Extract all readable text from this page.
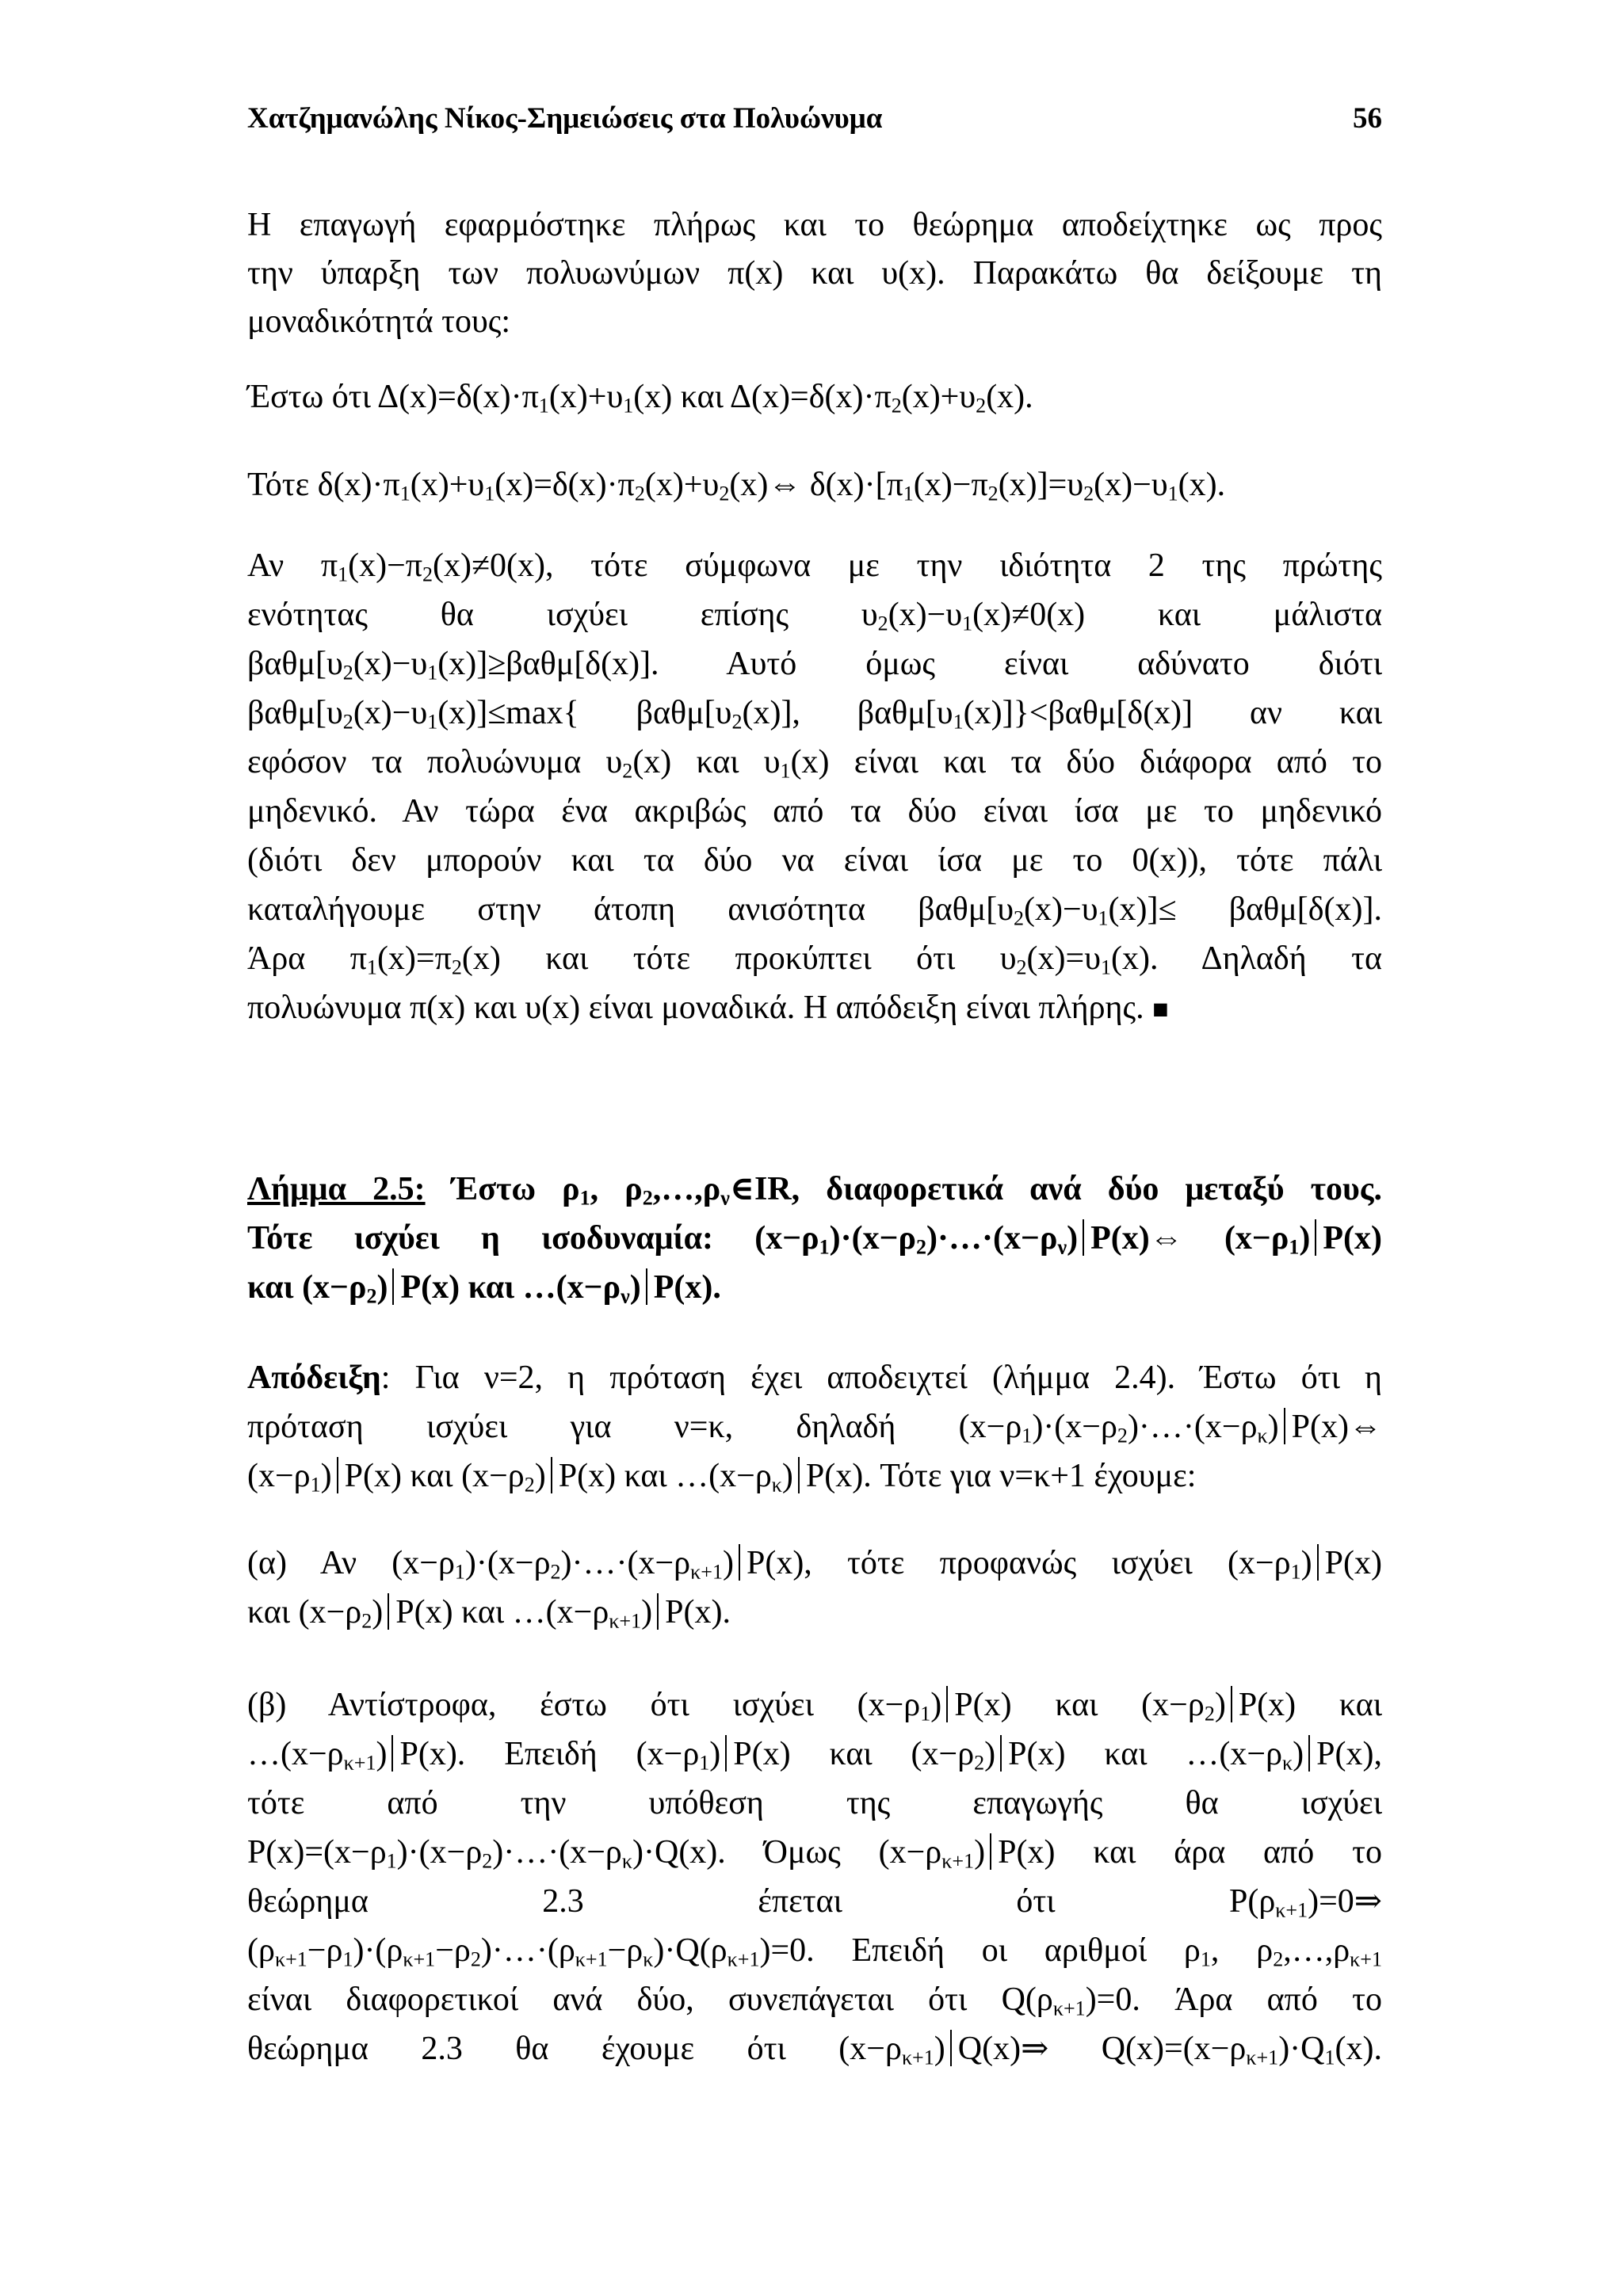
Χατζημανώλης Νίκος-Σημειώσεις στα Πολυώνυμα	56
Η επαγωγή εφαρμόστηκε πλήρως και το θεώρημα αποδείχτηκε ως προς
την ύπαρξη των πολυωνύμων π(x) και υ(x). Παρακάτω θα δείξουμε τη
μοναδικότητά τους:
Έστω ότι $\Delta(x)=\delta(x)\cdot\pi_1(x)+\upsilon_1(x)$ και $\Delta(x)=\delta(x)\cdot\pi_2(x)+\upsilon_2(x)$.
Τότε $\delta(x)\cdot\pi_1(x)+\upsilon_1(x)=\delta(x)\cdot\pi_2(x)+\upsilon_2(x)\Leftrightarrow$ $\delta(x)\cdot[\pi_1(x)-\pi_2(x)]=\upsilon_2(x)-\upsilon_1(x)$.
Αν $\pi_1(x)-\pi_2(x)\ne 0(x)$, τότε σύμφωνα με την ιδιότητα 2 της πρώτης
ενότητας θα ισχύει επίσης $\upsilon_2(x)-\upsilon_1(x)\ne 0(x)$ και μάλιστα
$\beta\alpha\theta\mu[\upsilon_2(x)-\upsilon_1(x)]\ge\beta\alpha\theta\mu[\delta(x)]$. Αυτό όμως είναι αδύνατο διότι
$\beta\alpha\theta\mu[\upsilon_2(x)-\upsilon_1(x)]\le\max${ $\beta\alpha\theta\mu[\upsilon_2(x)]$, $\beta\alpha\theta\mu[\upsilon_1(x)]\}<\beta\alpha\theta\mu[\delta(x)]$ αν και
εφόσον τα πολυώνυμα $\upsilon_2(x)$ και $\upsilon_1(x)$ είναι και τα δύο διάφορα από το
μηδενικό. Αν τώρα ένα ακριβώς από τα δύο είναι ίσα με το μηδενικό
(διότι δεν μπορούν και τα δύο να είναι ίσα με το 0(x)), τότε πάλι
καταλήγουμε στην άτοπη ανισότητα $\beta\alpha\theta\mu[\upsilon_2(x)-\upsilon_1(x)]\le \beta\alpha\theta\mu[\delta(x)]$.
Άρα $\pi_1(x)=\pi_2(x)$ και τότε προκύπτει ότι $\upsilon_2(x)=\upsilon_1(x)$. Δηλαδή τα
πολυώνυμα π(x) και υ(x) είναι μοναδικά. Η απόδειξη είναι πλήρης. ■
Λήμμα 2.5: Έστω $\rho_1$, $\rho_2,\dots,\rho_\nu\in IR$, διαφορετικά ανά δύο μεταξύ τους.
Τότε ισχύει η ισοδυναμία: $(x-\rho_1)\cdot(x-\rho_2)\cdot\dots\cdot(x-\rho_\nu)$ P(x)⇔ $(x-\rho_1)$ P(x)
και $(x-\rho_2)$ P(x) και $\dots(x-\rho_\nu)$ P(x).
Απόδειξη: Για ν=2, η πρόταση έχει αποδειχτεί (λήμμα 2.4). Έστω ότι η
πρόταση ισχύει για ν=κ, δηλαδή $(x-\rho_1)\cdot(x-\rho_2)\cdot\dots\cdot(x-\rho_\kappa)$ P(x)⇔
$(x-\rho_1)$ P(x) και $(x-\rho_2)$ P(x) και $\dots(x-\rho_\kappa)$ P(x). Τότε για ν=κ+1 έχουμε:
(α) Αν $(x-\rho_1)\cdot(x-\rho_2)\cdot\dots\cdot(x-\rho_{\kappa+1})$ P(x), τότε προφανώς ισχύει $(x-\rho_1)$ P(x)
και $(x-\rho_2)$ P(x) και $\dots(x-\rho_{\kappa+1})$ P(x).
(β) Αντίστροφα, έστω ότι ισχύει $(x-\rho_1)$ P(x) και $(x-\rho_2)$ P(x) και
$\dots(x-\rho_{\kappa+1})$ P(x). Επειδή $(x-\rho_1)$ P(x) και $(x-\rho_2)$ P(x) και $\dots(x-\rho_\kappa)$ P(x),
τότε από την υπόθεση της επαγωγής θα ισχύει
$P(x)=(x-\rho_1)\cdot(x-\rho_2)\cdot\dots\cdot(x-\rho_\kappa)\cdot Q(x)$. Όμως $(x-\rho_{\kappa+1})$ P(x) και άρα από το
θεώρημα 2.3 έπεται ότι $P(\rho_{\kappa+1})=0\Rightarrow$
$(\rho_{\kappa+1}-\rho_1)\cdot(\rho_{\kappa+1}-\rho_2)\cdot\dots\cdot(\rho_{\kappa+1}-\rho_\kappa)\cdot Q(\rho_{\kappa+1})=0$. Επειδή οι αριθμοί $\rho_1$, $\rho_2,\dots,\rho_{\kappa+1}$
είναι διαφορετικοί ανά δύο, συνεπάγεται ότι $Q(\rho_{\kappa+1})=0$. Άρα από το
θεώρημα 2.3 θα έχουμε ότι $(x-\rho_{\kappa+1})$ Q(x)⇒ $Q(x)=(x-\rho_{\kappa+1})\cdot Q_1(x)$.
